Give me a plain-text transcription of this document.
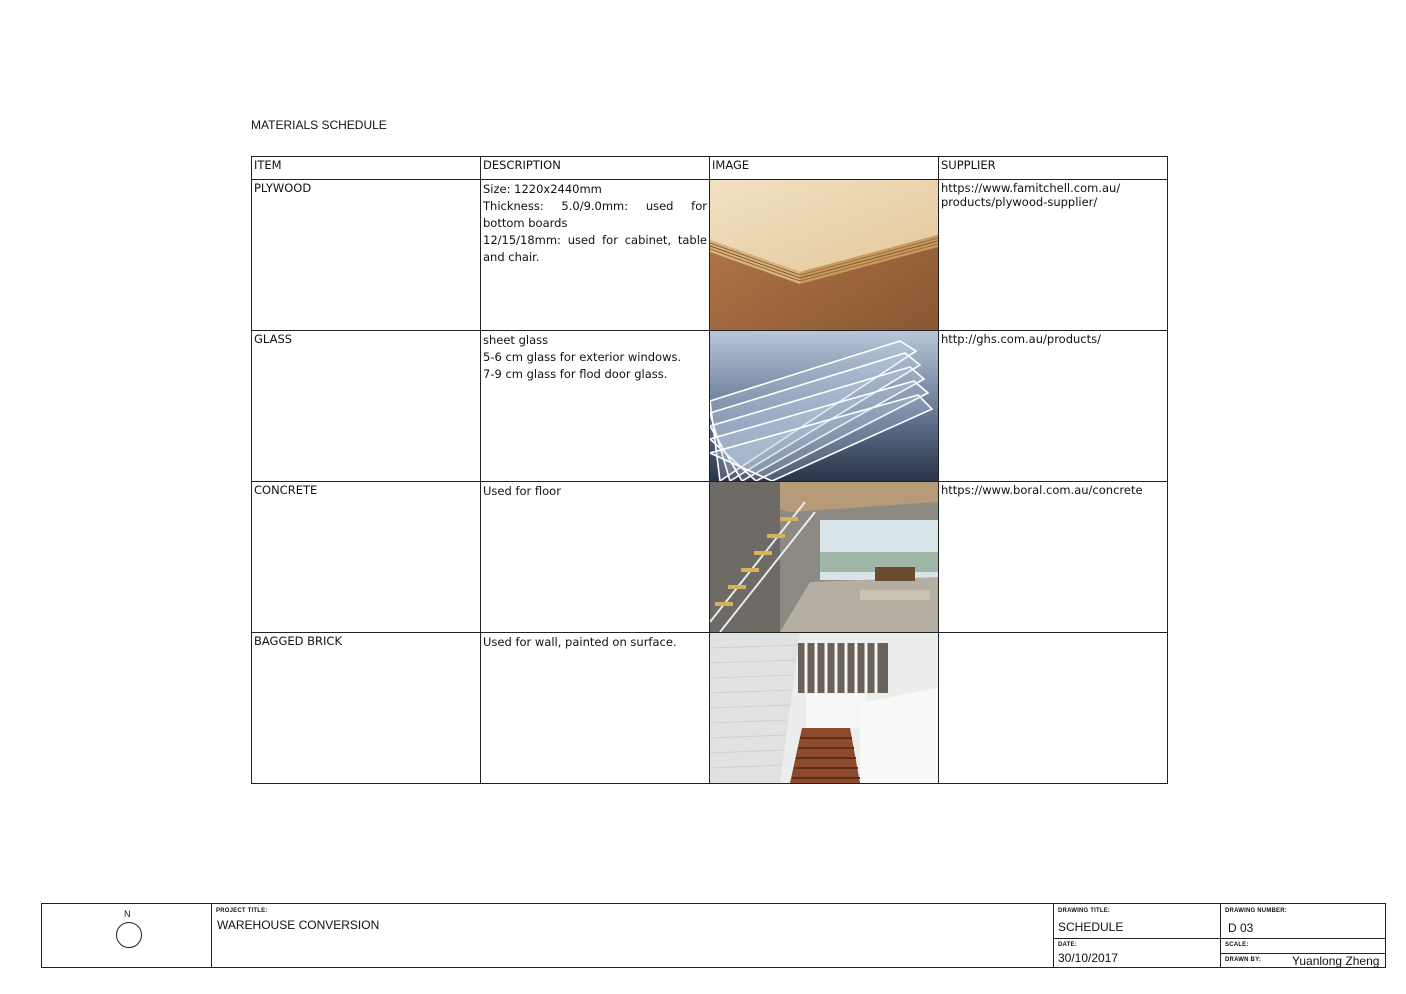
MATERIALS SCHEDULE
ITEM	DESCRIPTION	IMAGE	SUPPLIER
PLYWOOD	Size: 1220x2440mm
Thickness: 5.0/9.0mm: used for bottom boards
12/15/18mm: used for cabinet, table and chair.		https://www.famitchell.com.au/
products/plywood-supplier/

GLASS	sheet glass
5-6 cm glass for exterior windows.
7-9 cm glass for flod door glass.		http://ghs.com.au/products/

CONCRETE	Used for floor		https://www.boral.com.au/concrete

BAGGED BRICK	Used for wall, painted on surface.

N	PROJECT TITLE:
WAREHOUSE CONVERSION
DRAWING TITLE:
SCHEDULE
DATE:
30/10/2017
DRAWING NUMBER:
D 03
SCALE:
DRAWN BY:	Yuanlong Zheng
